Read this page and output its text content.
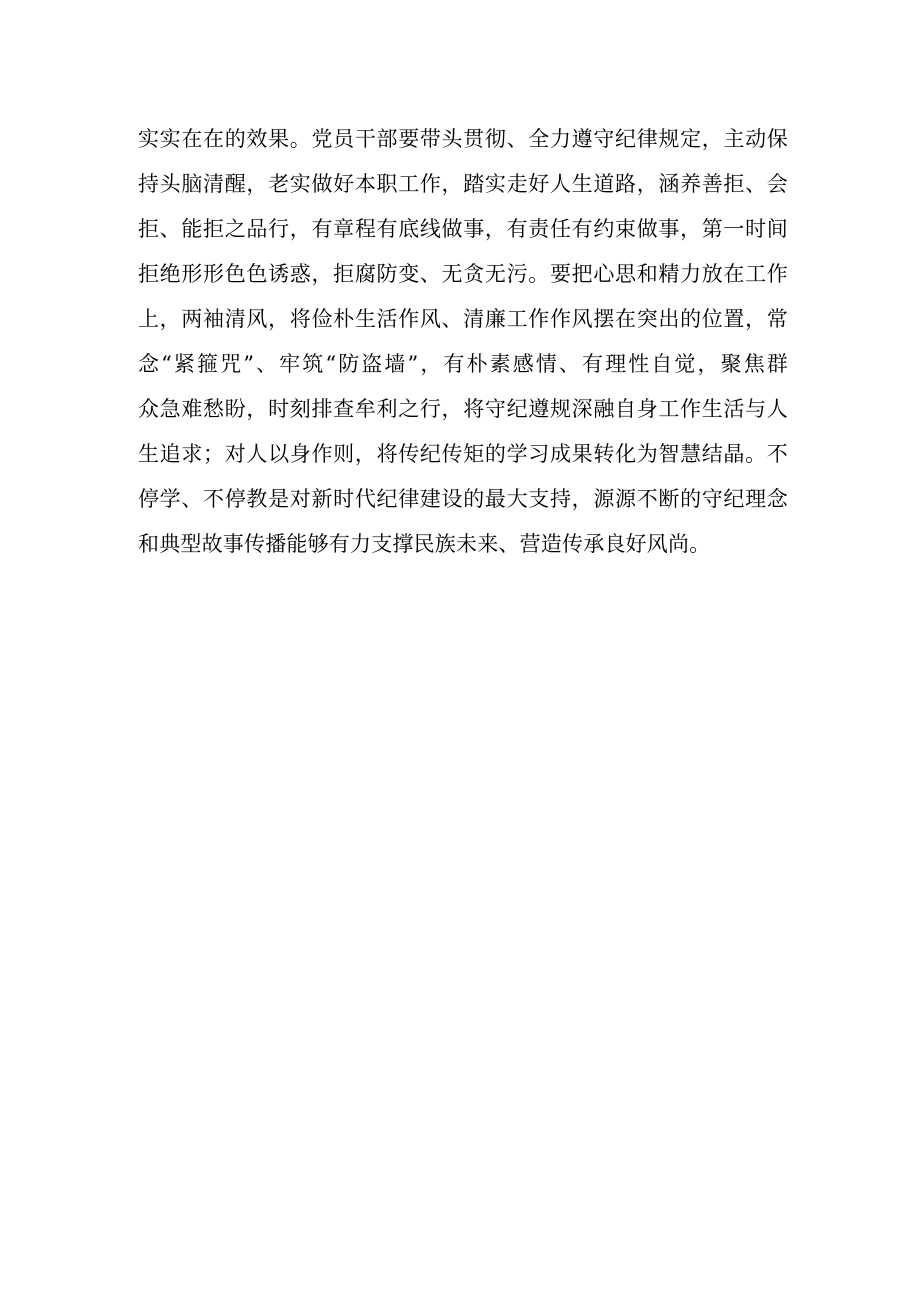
实实在在的效果。党员干部要带头贯彻、全力遵守纪律规定，主动保
持头脑清醒，老实做好本职工作，踏实走好人生道路，涵养善拒、会
拒、能拒之品行，有章程有底线做事，有责任有约束做事，第一时间
拒绝形形色色诱惑，拒腐防变、无贪无污。要把心思和精力放在工作
上，两袖清风，将俭朴生活作风、清廉工作作风摆在突出的位置，常
念“紧箍咒”、牢筑“防盗墙”，有朴素感情、有理性自觉，聚焦群
众急难愁盼，时刻排查牟利之行，将守纪遵规深融自身工作生活与人
生追求；对人以身作则，将传纪传矩的学习成果转化为智慧结晶。不
停学、不停教是对新时代纪律建设的最大支持，源源不断的守纪理念
和典型故事传播能够有力支撑民族未来、营造传承良好风尚。
